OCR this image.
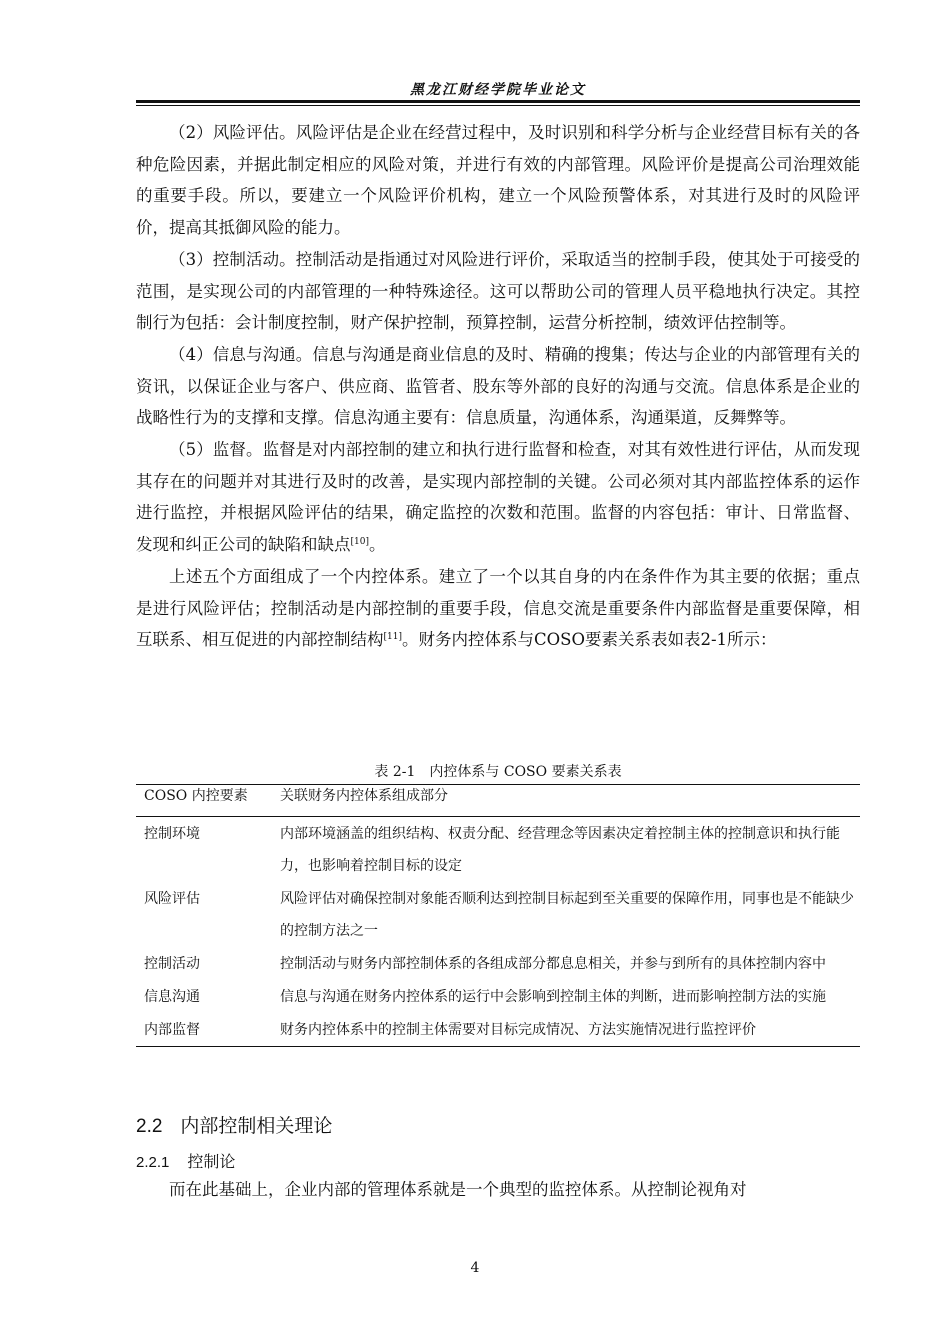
黑龙江财经学院毕业论文

（2）风险评估。风险评估是企业在经营过程中，及时识别和科学分析与企业经营目标有关的各种危险因素，并据此制定相应的风险对策，并进行有效的内部管理。风险评价是提高公司治理效能的重要手段。所以，要建立一个风险评价机构，建立一个风险预警体系，对其进行及时的风险评价，提高其抵御风险的能力。

（3）控制活动。控制活动是指通过对风险进行评价，采取适当的控制手段，使其处于可接受的范围，是实现公司的内部管理的一种特殊途径。这可以帮助公司的管理人员平稳地执行决定。其控制行为包括：会计制度控制，财产保护控制，预算控制，运营分析控制，绩效评估控制等。

（4）信息与沟通。信息与沟通是商业信息的及时、精确的搜集；传达与企业的内部管理有关的资讯，以保证企业与客户、供应商、监管者、股东等外部的良好的沟通与交流。信息体系是企业的战略性行为的支撑和支撑。信息沟通主要有：信息质量，沟通体系，沟通渠道，反舞弊等。

（5）监督。监督是对内部控制的建立和执行进行监督和检查，对其有效性进行评估，从而发现其存在的问题并对其进行及时的改善，是实现内部控制的关键。公司必须对其内部监控体系的运作进行监控，并根据风险评估的结果，确定监控的次数和范围。监督的内容包括：审计、日常监督、发现和纠正公司的缺陷和缺点[10]。

上述五个方面组成了一个内控体系。建立了一个以其自身的内在条件作为其主要的依据；重点是进行风险评估；控制活动是内部控制的重要手段，信息交流是重要条件内部监督是重要保障，相互联系、相互促进的内部控制结构[11]。财务内控体系与COSO要素关系表如表2-1所示：

表 2-1　内控体系与 COSO 要素关系表
COSO 内控要素	关联财务内控体系组成部分
控制环境	内部环境涵盖的组织结构、权责分配、经营理念等因素决定着控制主体的控制意识和执行能力，也影响着控制目标的设定
风险评估	风险评估对确保控制对象能否顺利达到控制目标起到至关重要的保障作用，同事也是不能缺少的控制方法之一
控制活动	控制活动与财务内部控制体系的各组成部分都息息相关，并参与到所有的具体控制内容中
信息沟通	信息与沟通在财务内控体系的运行中会影响到控制主体的判断，进而影响控制方法的实施
内部监督	财务内控体系中的控制主体需要对目标完成情况、方法实施情况进行监控评价
2.2 内部控制相关理论
2.2.1 控制论

而在此基础上，企业内部的管理体系就是一个典型的监控体系。从控制论视角对

4
